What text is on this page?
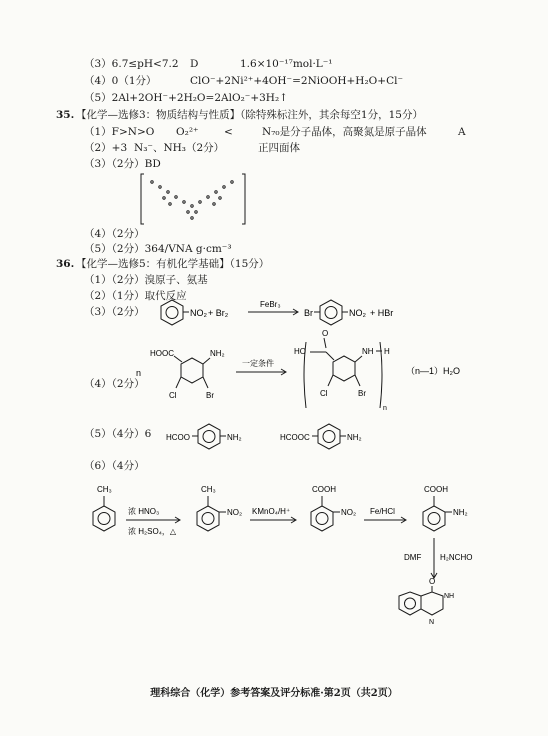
（3）6.7≤pH<7.2 D	1.6×10⁻¹⁷mol·L⁻¹
（4）0（1分）	ClO⁻+2Ni²⁺+4OH⁻=2NiOOH+H₂O+Cl⁻
（5）2Al+2OH⁻+2H₂O=2AlO₂⁻+3H₂↑
35. 【化学—选修3：物质结构与性质】（除特殊标注外，其余每空1分，15分）
（1）F>N>O O₂²⁺ <	N₇₀是分子晶体，高聚氮是原子晶体	A
（2）+3 N₃⁻、NH₃（2分）	正四面体
（3）（2分）BD
（4）（2分）
（5）（2分）364/VNA g·cm⁻³
36. 【化学—选修5：有机化学基础】（15分）
（1）（2分）溴原子、氨基
（2）（1分）取代反应
（3）（2分）	NO₂ + Br₂
FeBr₃
Br	NO₂ + HBr
（4）（2分）
n
HOOC	NH₂
Cl	Br
一定条件
O
HO	NH H
Cl	Br
n
（n—1）H₂O
（5）（4分）6 HCOO	NH₂	HCOOC	NH₂
（6）（4分）
CH₃
浓 HNO₃
浓 H₂SO₄，△
CH₃
NO₂ KMnO₄/H⁺
COOH
NO₂ Fe/HCl
COOH
NH₂
DMF H₂NCHO
O
NH
N
理科综合（化学）参考答案及评分标准·第2页（共2页）
